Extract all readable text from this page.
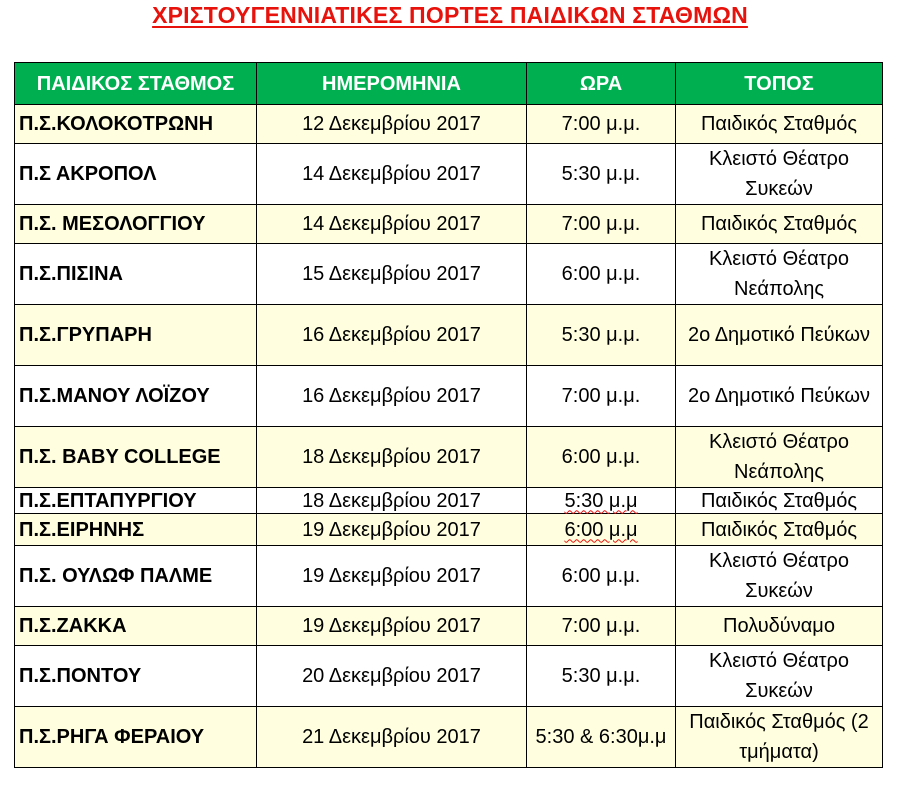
ΧΡΙΣΤΟΥΓΕΝΝΙΑΤΙΚΕΣ ΠΟΡΤΕΣ ΠΑΙΔΙΚΩΝ ΣΤΑΘΜΩΝ
ΠΑΙΔΙΚΟΣ ΣΤΑΘΜΟΣ	ΗΜΕΡΟΜΗΝΙΑ	ΩΡΑ	ΤΟΠΟΣ
Π.Σ.ΚΟΛΟΚΟΤΡΩΝΗ	12 Δεκεμβρίου 2017	7:00 μ.μ.	Παιδικός Σταθμός
Π.Σ ΑΚΡΟΠΟΛ	14 Δεκεμβρίου 2017	5:30 μ.μ.	Κλειστό Θέατρο Συκεών
Π.Σ. ΜΕΣΟΛΟΓΓΙΟΥ	14 Δεκεμβρίου 2017	7:00 μ.μ.	Παιδικός Σταθμός
Π.Σ.ΠΙΣΙΝΑ	15 Δεκεμβρίου 2017	6:00 μ.μ.	Κλειστό Θέατρο Νεάπολης
Π.Σ.ΓΡΥΠΑΡΗ	16 Δεκεμβρίου 2017	5:30 μ.μ.	2ο Δημοτικό Πεύκων
Π.Σ.ΜΑΝΟΥ ΛΟΪΖΟΥ	16 Δεκεμβρίου 2017	7:00 μ.μ.	2ο Δημοτικό Πεύκων
Π.Σ. BABY COLLEGE	18 Δεκεμβρίου 2017	6:00 μ.μ.	Κλειστό Θέατρο Νεάπολης
Π.Σ.ΕΠΤΑΠΥΡΓΙΟΥ	18 Δεκεμβρίου 2017	5:30 μ.μ	Παιδικός Σταθμός
Π.Σ.ΕΙΡΗΝΗΣ	19 Δεκεμβρίου 2017	6:00 μ.μ	Παιδικός Σταθμός
Π.Σ. ΟΥΛΩΦ ΠΑΛΜΕ	19 Δεκεμβρίου 2017	6:00 μ.μ.	Κλειστό Θέατρο Συκεών
Π.Σ.ΖΑΚΚΑ	19 Δεκεμβρίου 2017	7:00 μ.μ.	Πολυδύναμο
Π.Σ.ΠΟΝΤΟΥ	20 Δεκεμβρίου 2017	5:30 μ.μ.	Κλειστό Θέατρο Συκεών
Π.Σ.ΡΗΓΑ ΦΕΡΑΙΟΥ	21 Δεκεμβρίου 2017	5:30 & 6:30μ.μ	Παιδικός Σταθμός (2 τμήματα)
